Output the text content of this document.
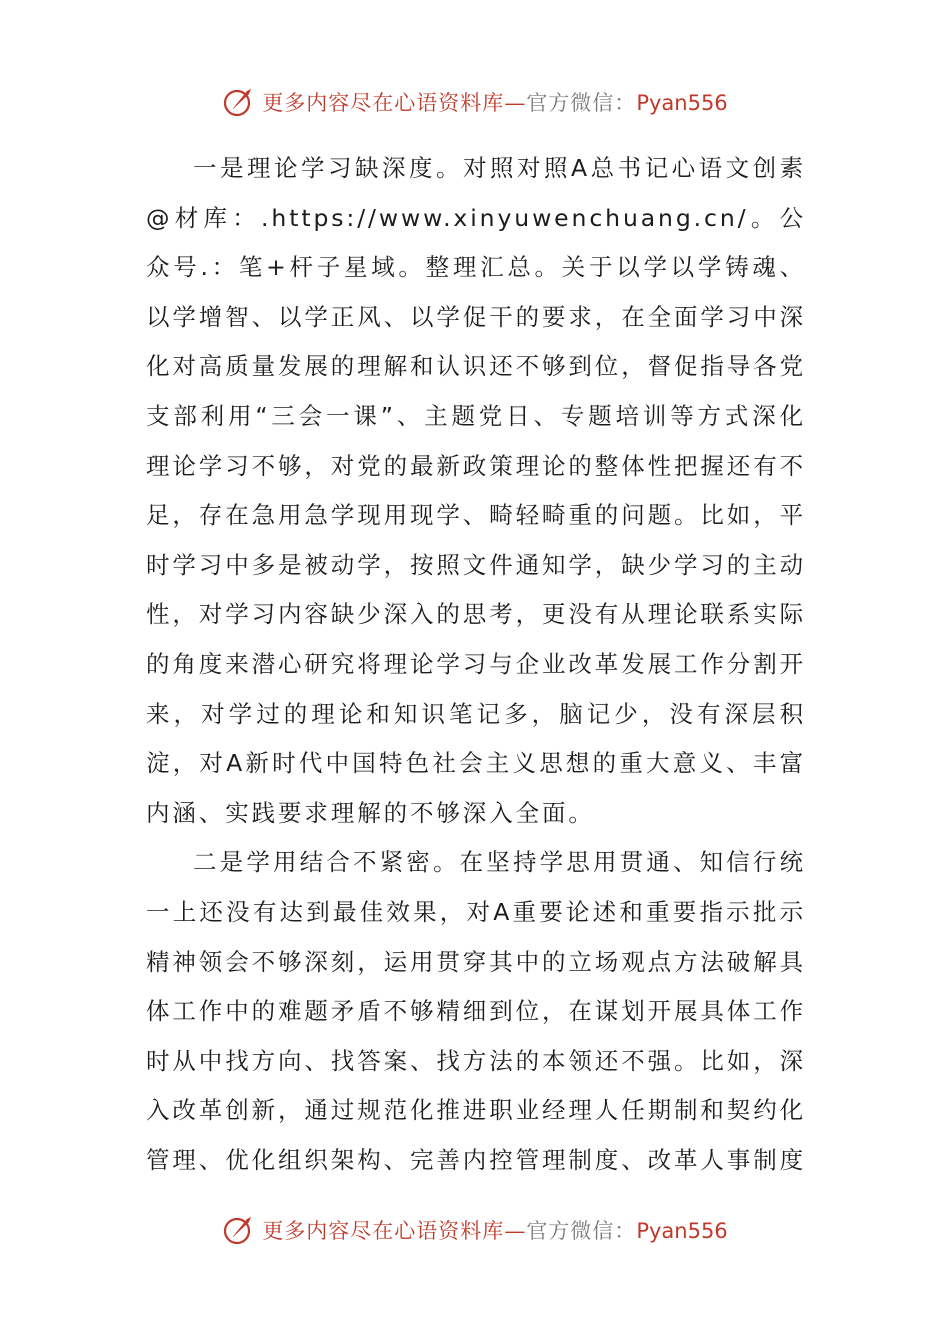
更多内容尽在心语资料库—官方微信：Pyan556

一是理论学习缺深度。对照对照A总书记心语文创素@材库：.https://www.xinyuwenchuang.cn/。公众号.：笔+杆子星域。整理汇总。关于以学以学铸魂、以学增智、以学正风、以学促干的要求，在全面学习中深化对高质量发展的理解和认识还不够到位，督促指导各党支部利用“三会一课”、主题党日、专题培训等方式深化理论学习不够，对党的最新政策理论的整体性把握还有不足，存在急用急学现用现学、畸轻畸重的问题。比如，平时学习中多是被动学，按照文件通知学，缺少学习的主动性，对学习内容缺少深入的思考，更没有从理论联系实际的角度来潜心研究将理论学习与企业改革发展工作分割开来，对学过的理论和知识笔记多，脑记少，没有深层积淀，对A新时代中国特色社会主义思想的重大意义、丰富内涵、实践要求理解的不够深入全面。

二是学用结合不紧密。在坚持学思用贯通、知信行统一上还没有达到最佳效果，对A重要论述和重要指示批示精神领会不够深刻，运用贯穿其中的立场观点方法破解具体工作中的难题矛盾不够精细到位，在谋划开展具体工作时从中找方向、找答案、找方法的本领还不强。比如，深入改革创新，通过规范化推进职业经理人任期制和契约化管理、优化组织架构、完善内控管理制度、改革人事制度

更多内容尽在心语资料库—官方微信：Pyan556
